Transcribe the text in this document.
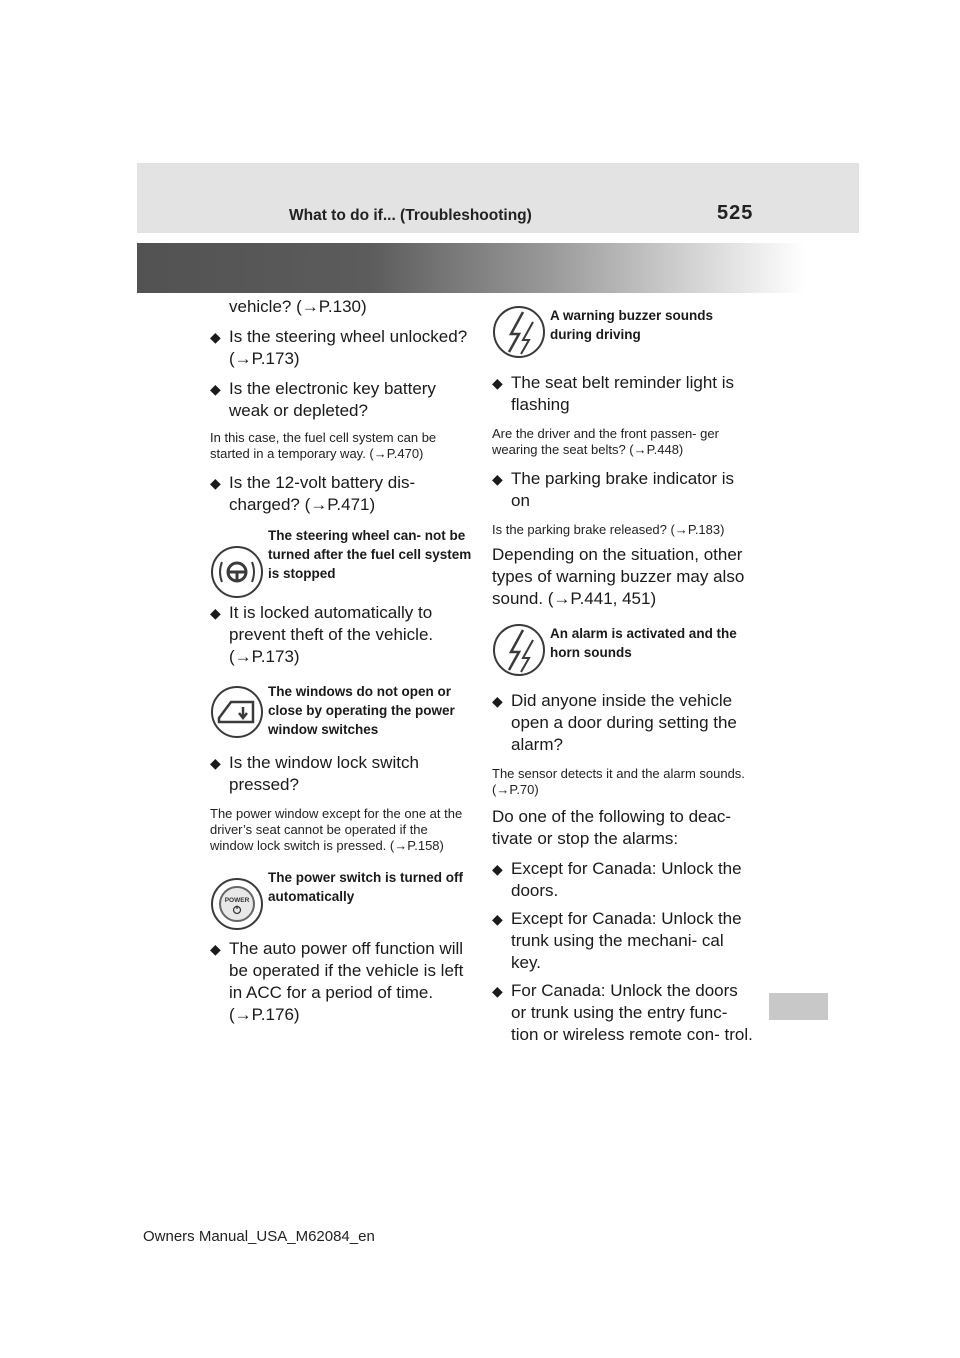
What to do if... (Troubleshooting)	525

vehicle? (→P.130)

◆ Is the steering wheel unlocked? (→P.173)
◆ Is the electronic key battery weak or depleted?

In this case, the fuel cell system can be started in a temporary way. (→P.470)

◆ Is the 12-volt battery dis- charged? (→P.471)

The steering wheel can- not be turned after the fuel cell system is stopped

◆ It is locked automatically to prevent theft of the vehicle. (→P.173)

The windows do not open or close by operating the power window switches

◆ Is the window lock switch pressed?

The power window except for the one at the driver’s seat cannot be operated if the window lock switch is pressed. (→P.158)

POWER

The power switch is turned off automatically

◆ The auto power off function will be operated if the vehicle is left in ACC for a period of time. (→P.176)

A warning buzzer sounds during driving

◆ The seat belt reminder light is flashing

Are the driver and the front passen- ger wearing the seat belts? (→P.448)

◆ The parking brake indicator is on

Is the parking brake released? (→P.183)

Depending on the situation, other types of warning buzzer may also sound. (→P.441, 451)

An alarm is activated and the horn sounds

◆ Did anyone inside the vehicle open a door during setting the alarm?

The sensor detects it and the alarm sounds. (→P.70)

Do one of the following to deac- tivate or stop the alarms:

◆ Except for Canada: Unlock the doors.
◆ Except for Canada: Unlock the trunk using the mechani- cal key.
◆ For Canada: Unlock the doors or trunk using the entry func- tion or wireless remote con- trol.
Owners Manual_USA_M62084_en
